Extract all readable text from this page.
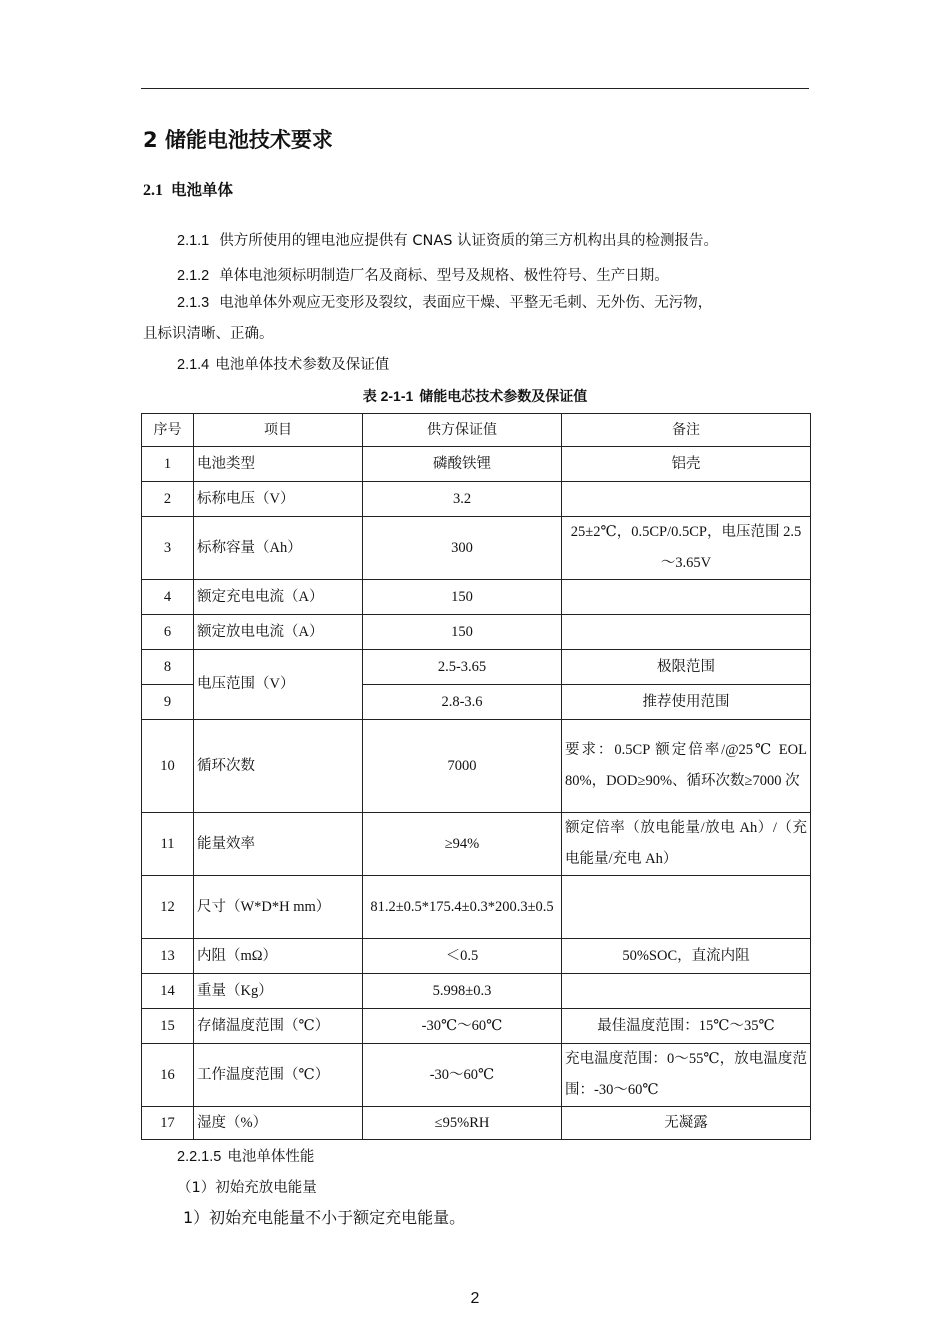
2 储能电池技术要求
2.1 电池单体
2.1.1 供方所使用的锂电池应提供有 CNAS 认证资质的第三方机构出具的检测报告。
2.1.2 单体电池须标明制造厂名及商标、型号及规格、极性符号、生产日期。
2.1.3 电池单体外观应无变形及裂纹，表面应干燥、平整无毛刺、无外伤、无污物，
且标识清晰、正确。
2.1.4 电池单体技术参数及保证值
表 2-1-1 储能电芯技术参数及保证值
序号	项目	供方保证值	备注
1	电池类型	磷酸铁锂	铝壳
2	标称电压（V）	3.2	
3	标称容量（Ah）	300	25±2℃，0.5CP/0.5CP，电压范围 2.5～3.65V
4	额定充电电流（A）	150	
6	额定放电电流（A）	150	
8	电压范围（V）	2.5-3.65	极限范围
9		2.8-3.6	推荐使用范围
10	循环次数	7000	要求：0.5CP 额定倍率/@25℃ EOL 80%，DOD≥90%、循环次数≥7000 次
11	能量效率	≥94%	额定倍率（放电能量/放电 Ah）/（充电能量/充电 Ah）
12	尺寸（W*D*H mm）	81.2±0.5*175.4±0.3*200.3±0.5	
13	内阻（mΩ）	＜0.5	50%SOC，直流内阻
14	重量（Kg）	5.998±0.3	
15	存储温度范围（℃）	-30℃～60℃	最佳温度范围：15℃～35℃
16	工作温度范围（℃）	-30～60℃	充电温度范围：0～55℃，放电温度范围：-30～60℃
17	湿度（%）	≤95%RH	无凝露
2.2.1.5 电池单体性能
（1）初始充放电能量
1）初始充电能量不小于额定充电能量。
2
